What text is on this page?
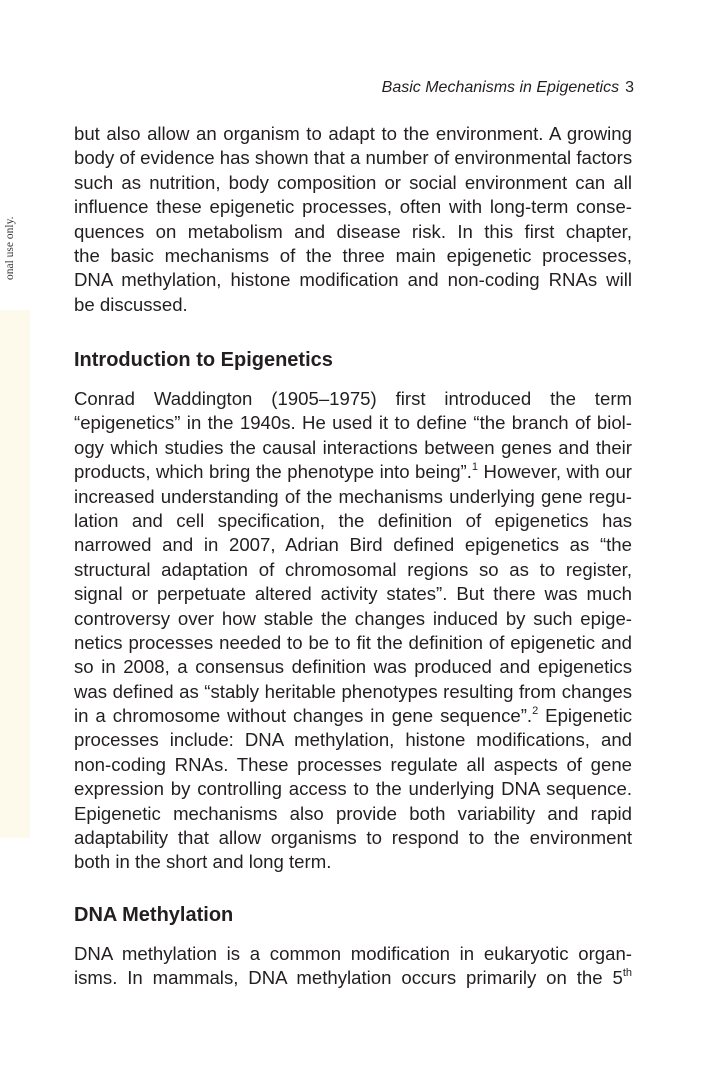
onal use only.
Basic Mechanisms in Epigenetics 3
but also allow an organism to adapt to the environment. A growing
body of evidence has shown that a number of environmental factors
such as nutrition, body composition or social environment can all
influence these epigenetic processes, often with long-term conse-
quences on metabolism and disease risk. In this first chapter,
the basic mechanisms of the three main epigenetic processes,
DNA methylation, histone modification and non-coding RNAs will
be discussed.
Introduction to Epigenetics
Conrad Waddington (1905–1975) first introduced the term
“epigenetics” in the 1940s. He used it to define “the branch of biol-
ogy which studies the causal interactions between genes and their
products, which bring the phenotype into being”.$^1$ However, with our
increased understanding of the mechanisms underlying gene regu-
lation and cell specification, the definition of epigenetics has
narrowed and in 2007, Adrian Bird defined epigenetics as “the
structural adaptation of chromosomal regions so as to register,
signal or perpetuate altered activity states”. But there was much
controversy over how stable the changes induced by such epige-
netics processes needed to be to fit the definition of epigenetic and
so in 2008, a consensus definition was produced and epigenetics
was defined as “stably heritable phenotypes resulting from changes
in a chromosome without changes in gene sequence”.$^2$ Epigenetic
processes include: DNA methylation, histone modifications, and
non-coding RNAs. These processes regulate all aspects of gene
expression by controlling access to the underlying DNA sequence.
Epigenetic mechanisms also provide both variability and rapid
adaptability that allow organisms to respond to the environment
both in the short and long term.
DNA Methylation
DNA methylation is a common modification in eukaryotic organ-
isms. In mammals, DNA methylation occurs primarily on the 5th
